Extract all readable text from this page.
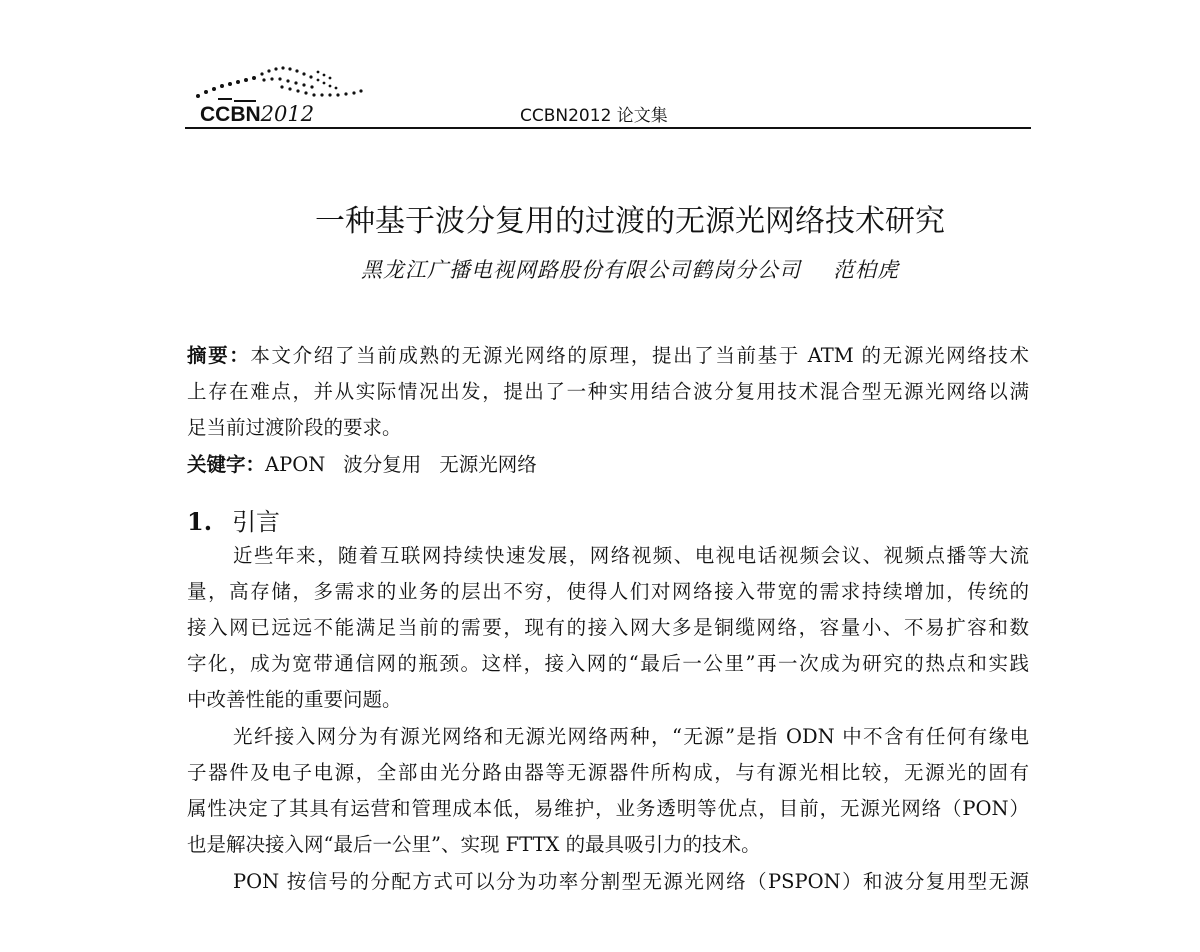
CCBN2012	CCBN2012 论文集
一种基于波分复用的过渡的无源光网络技术研究
黑龙江广播电视网路股份有限公司鹤岗分公司 范柏虎
摘要：本文介绍了当前成熟的无源光网络的原理，提出了当前基于 ATM 的无源光网络技术
上存在难点，并从实际情况出发，提出了一种实用结合波分复用技术混合型无源光网络以满
足当前过渡阶段的要求。
关键字：APON 波分复用 无源光网络
1. 引言
近些年来，随着互联网持续快速发展，网络视频、电视电话视频会议、视频点播等大流
量，高存储，多需求的业务的层出不穷，使得人们对网络接入带宽的需求持续增加，传统的
接入网已远远不能满足当前的需要，现有的接入网大多是铜缆网络，容量小、不易扩容和数
字化，成为宽带通信网的瓶颈。这样，接入网的“最后一公里”再一次成为研究的热点和实践
中改善性能的重要问题。
光纤接入网分为有源光网络和无源光网络两种，“无源”是指 ODN 中不含有任何有缘电
子器件及电子电源，全部由光分路由器等无源器件所构成，与有源光相比较，无源光的固有
属性决定了其具有运营和管理成本低，易维护，业务透明等优点，目前，无源光网络（PON）
也是解决接入网“最后一公里”、实现 FTTX 的最具吸引力的技术。
PON 按信号的分配方式可以分为功率分割型无源光网络（PSPON）和波分复用型无源
